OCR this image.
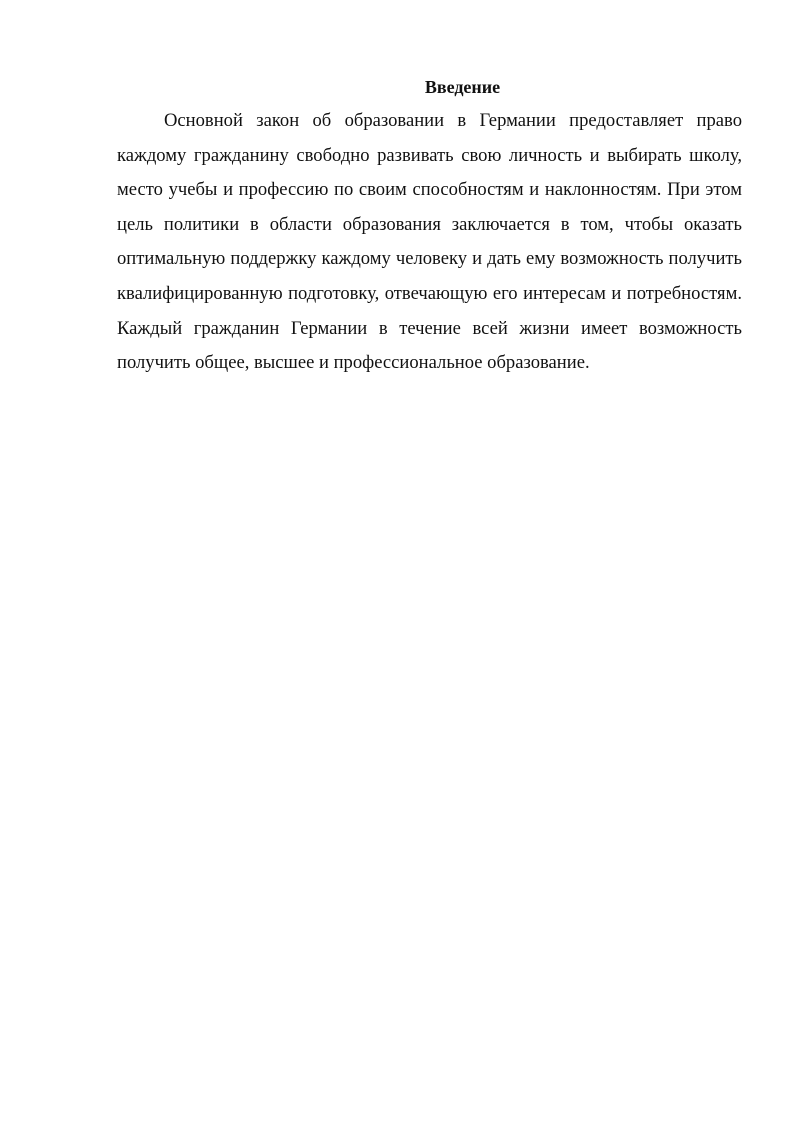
Введение

Основной закон об образовании в Германии предоставляет право каждому гражданину свободно развивать свою личность и выбирать школу, место учебы и профессию по своим способностям и наклонностям. При этом цель политики в области образования заключается в том, чтобы оказать оптимальную поддержку каждому человеку и дать ему возможность получить квалифицированную подготовку, отвечающую его интересам и потребностям. Каждый гражданин Германии в течение всей жизни имеет возможность получить общее, высшее и профессиональное образование.
